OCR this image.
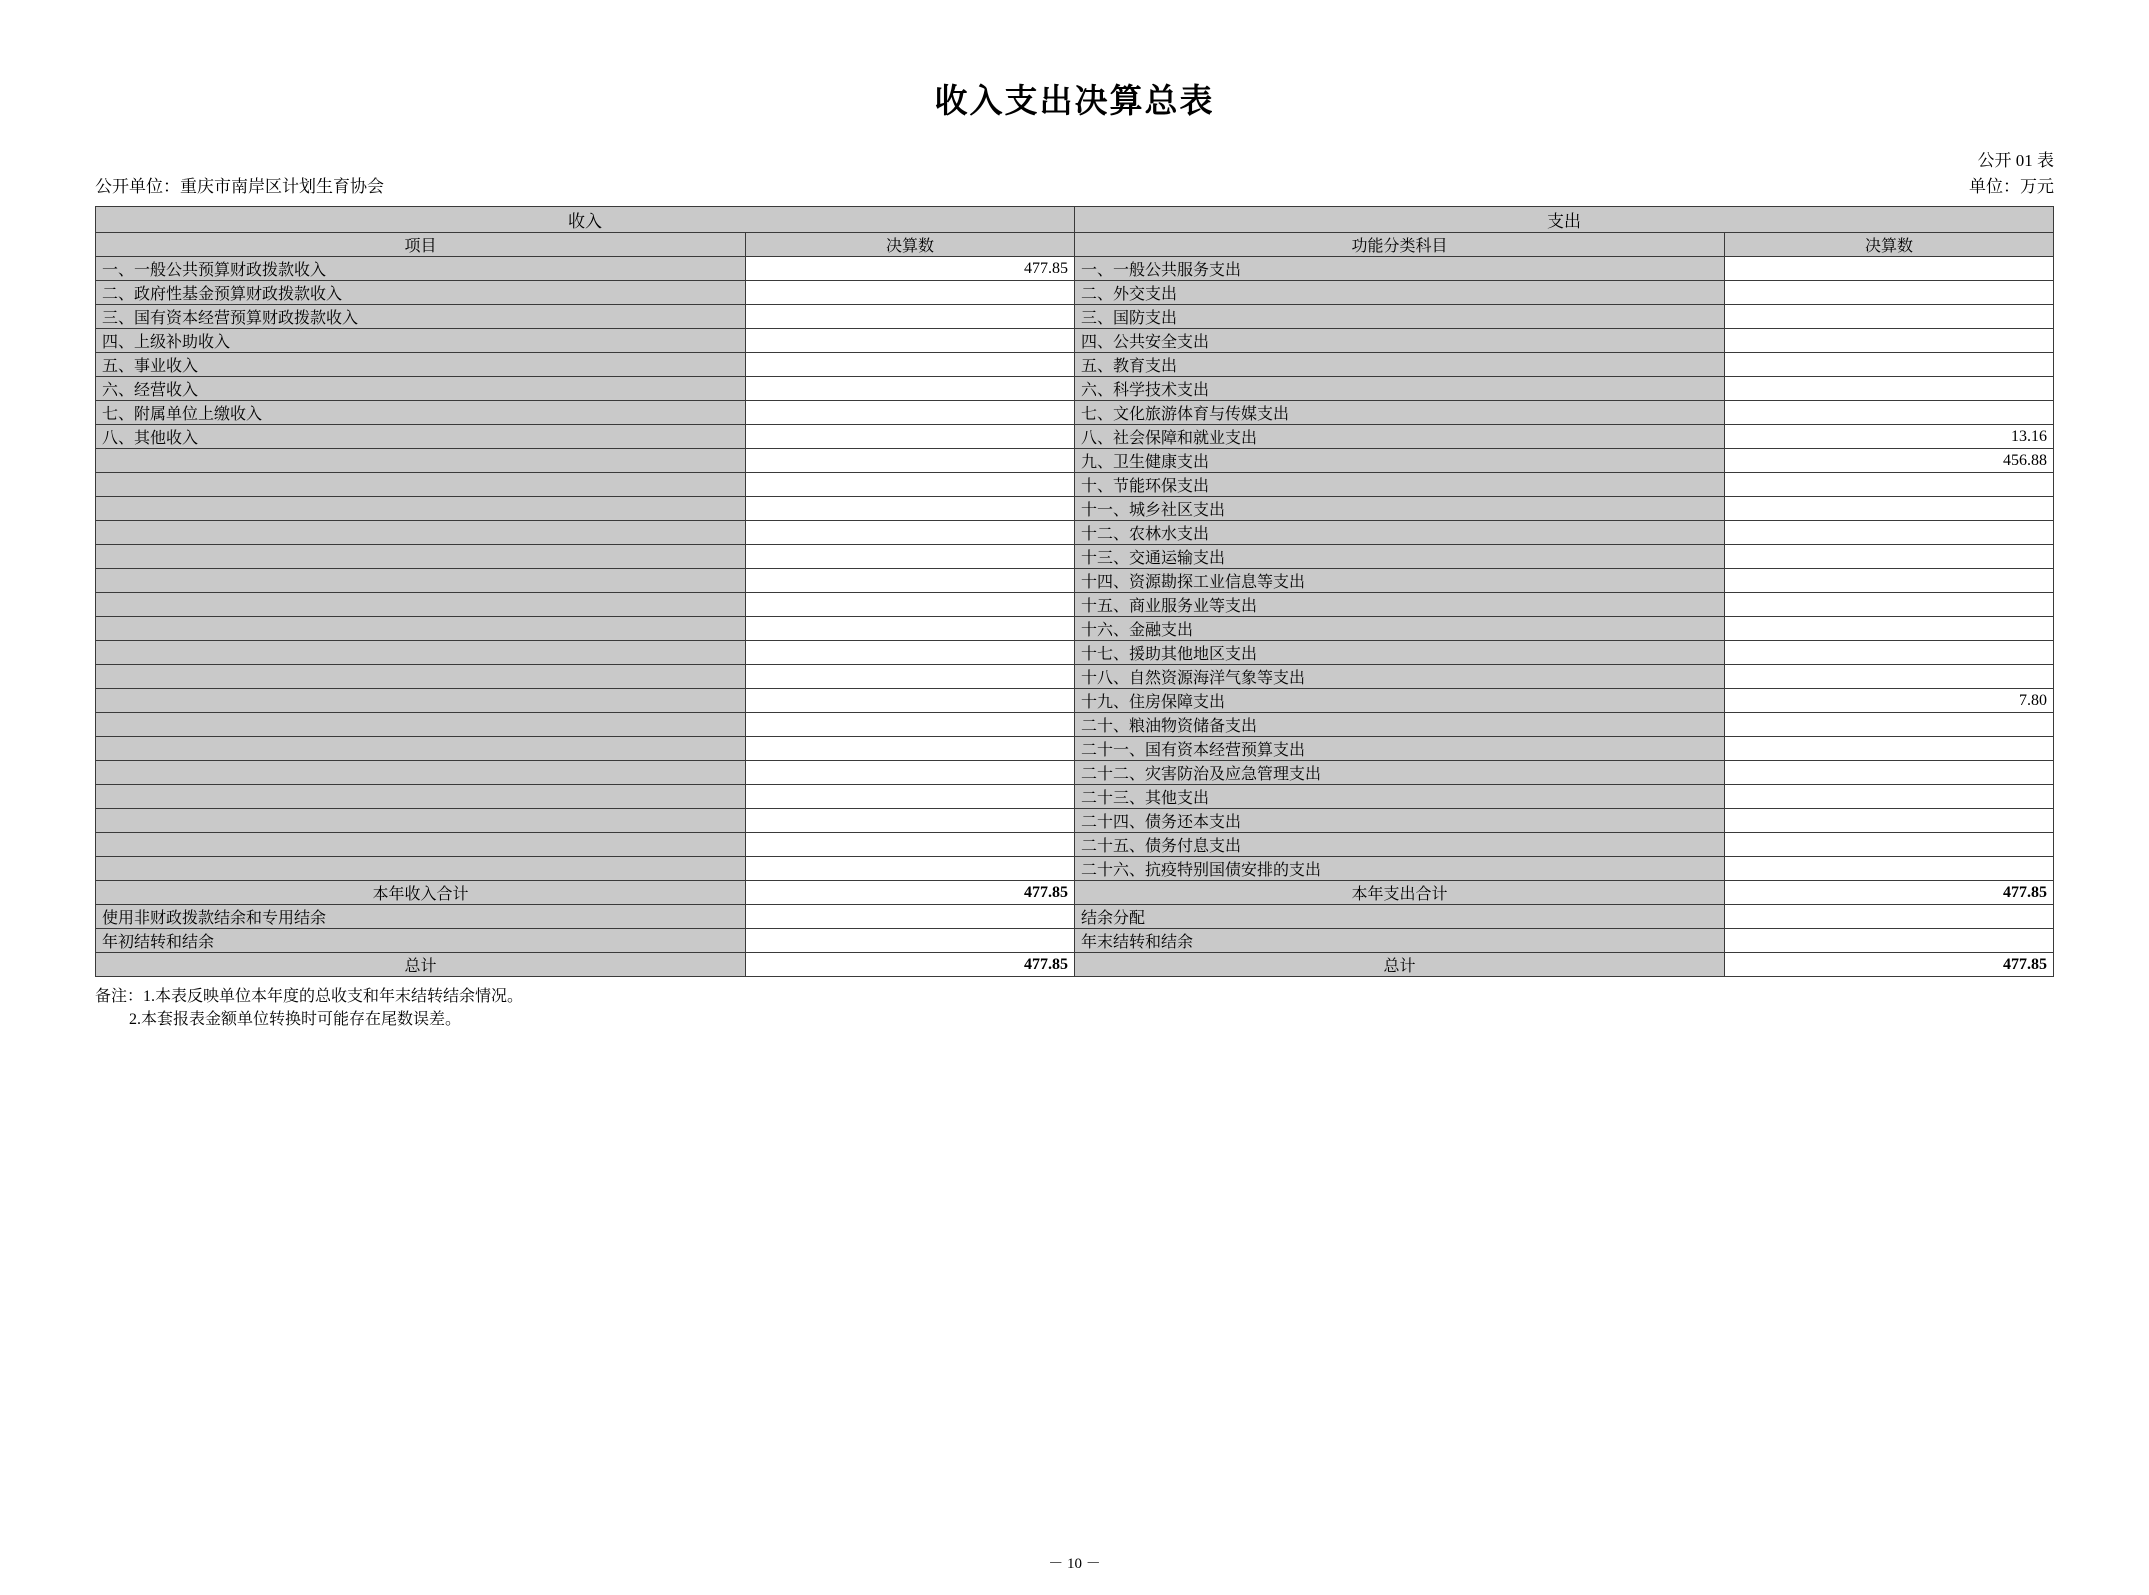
收入支出决算总表
公开 01 表
公开单位：重庆市南岸区计划生育协会	单位：万元
收入		支出	
项目	决算数	功能分类科目	决算数
一、一般公共预算财政拨款收入	477.85	一、一般公共服务支出	
二、政府性基金预算财政拨款收入		二、外交支出	
三、国有资本经营预算财政拨款收入		三、国防支出	
四、上级补助收入		四、公共安全支出	
五、事业收入		五、教育支出	
六、经营收入		六、科学技术支出	
七、附属单位上缴收入		七、文化旅游体育与传媒支出	
八、其他收入		八、社会保障和就业支出	13.16
		九、卫生健康支出	456.88
		十、节能环保支出	
		十一、城乡社区支出	
		十二、农林水支出	
		十三、交通运输支出	
		十四、资源勘探工业信息等支出	
		十五、商业服务业等支出	
		十六、金融支出	
		十七、援助其他地区支出	
		十八、自然资源海洋气象等支出	
		十九、住房保障支出	7.80
		二十、粮油物资储备支出	
		二十一、国有资本经营预算支出	
		二十二、灾害防治及应急管理支出	
		二十三、其他支出	
		二十四、债务还本支出	
		二十五、债务付息支出	
		二十六、抗疫特别国债安排的支出	
本年收入合计	477.85	本年支出合计	477.85
使用非财政拨款结余和专用结余		结余分配	
年初结转和结余		年末结转和结余	
总计	477.85	总计	477.85
备注：1.本表反映单位本年度的总收支和年末结转结余情况。
2.本套报表金额单位转换时可能存在尾数误差。
－ 10 －
